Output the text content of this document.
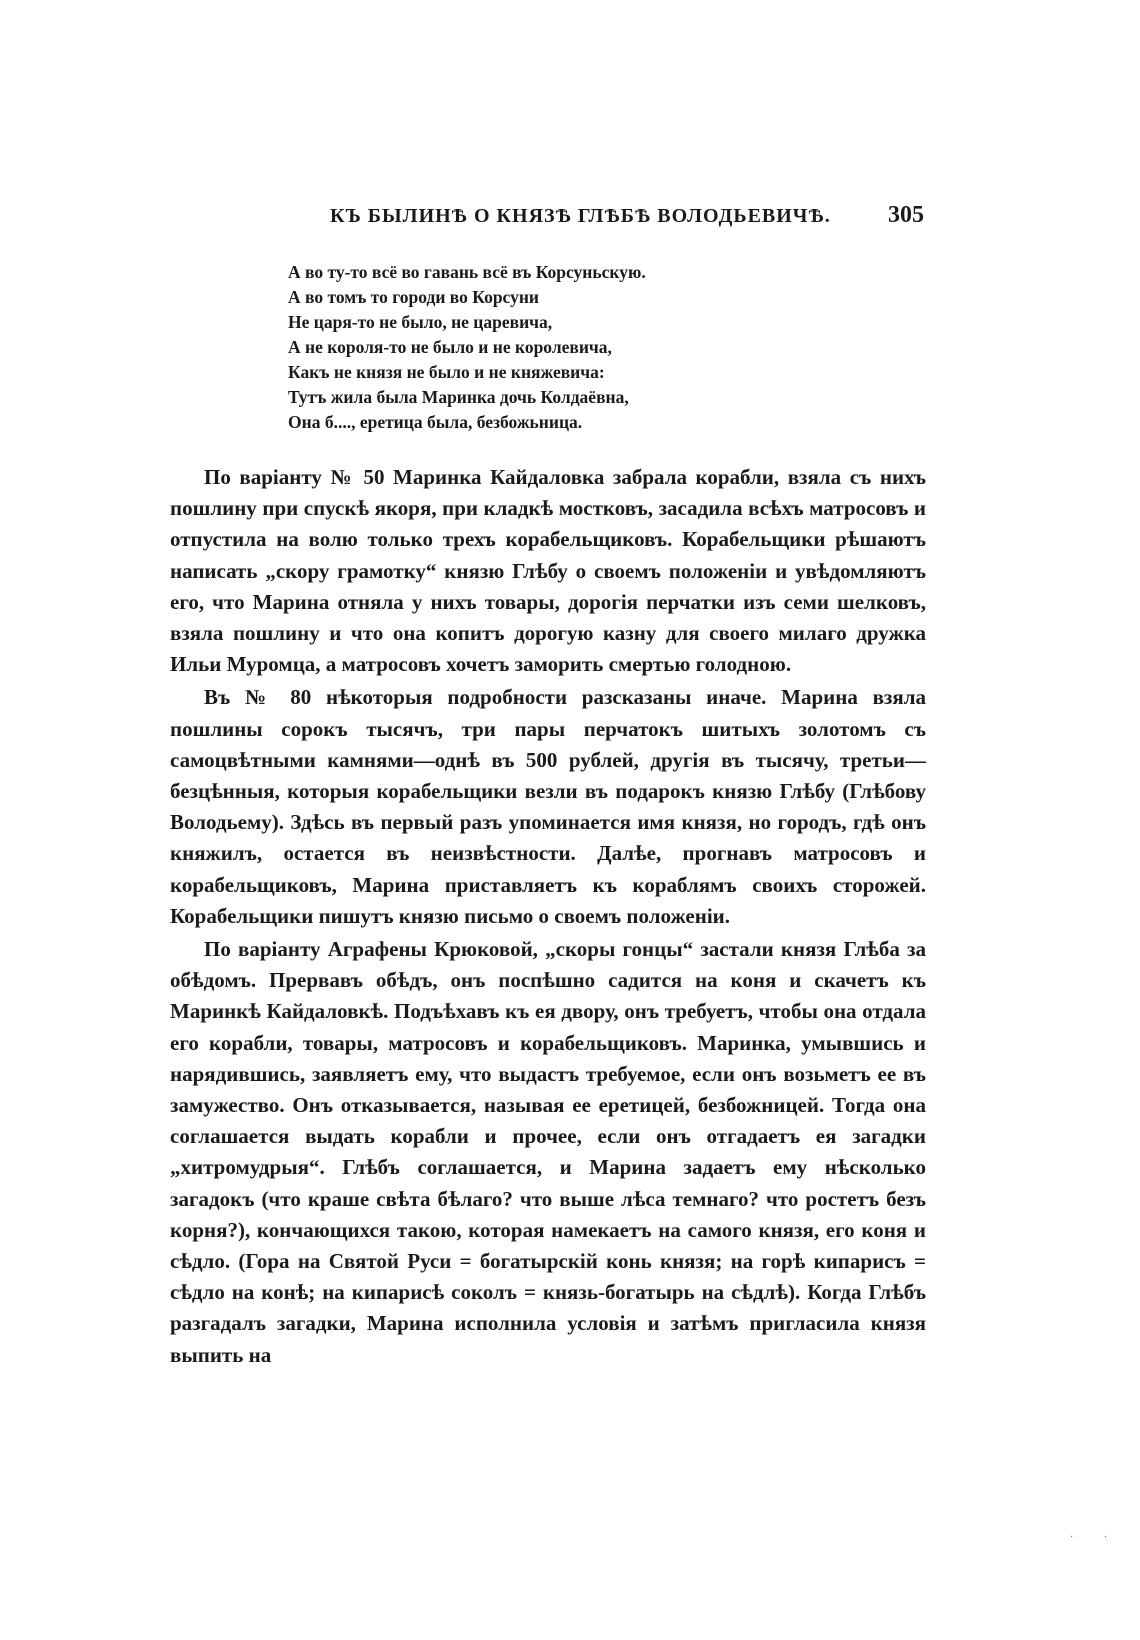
КЪ БЫЛИНѢ О КНЯЗѢ ГЛѢБѢ ВОЛОДЬЕВИЧѢ. 305
А во ту-то всё во гавань всё въ Корсуньскую.
А во томъ то городи во Корсуни
Не царя-то не было, не царевича,
А не короля-то не было и не королевича,
Какъ не князя не было и не княжевича:
Тутъ жила была Маринка дочь Колдаёвна,
Она б...., еретица была, безбожьница.

По варіанту № 50 Маринка Кайдаловка забрала корабли, взяла съ нихъ пошлину при спускѣ якоря, при кладкѣ мостковъ, засадила всѣхъ матросовъ и отпустила на волю только трехъ корабельщиковъ. Корабельщики рѣшаютъ написать „скору грамотку“ князю Глѣбу о своемъ положеніи и увѣдомляютъ его, что Марина отняла у нихъ товары, дорогія перчатки изъ семи шелковъ, взяла пошлину и что она копитъ дорогую казну для своего милаго дружка Ильи Муромца, а матросовъ хочетъ заморить смертью голодною.

Въ № 80 нѣкоторыя подробности разсказаны иначе. Марина взяла пошлины сорокъ тысячъ, три пары перчатокъ шитыхъ золотомъ съ самоцвѣтными камнями—однѣ въ 500 рублей, другія въ тысячу, третьи—безцѣнныя, которыя корабельщики везли въ подарокъ князю Глѣбу (Глѣбову Володьему). Здѣсь въ первый разъ упоминается имя князя, но городъ, гдѣ онъ княжилъ, остается въ неизвѣстности. Далѣе, прогнавъ матросовъ и корабельщиковъ, Марина приставляетъ къ кораблямъ своихъ сторожей. Корабельщики пишутъ князю письмо о своемъ положеніи.

По варіанту Аграфены Крюковой, „скоры гонцы“ застали князя Глѣба за обѣдомъ. Прервавъ обѣдъ, онъ поспѣшно садится на коня и скачетъ къ Маринкѣ Кайдаловкѣ. Подъѣхавъ къ ея двору, онъ требуетъ, чтобы она отдала его корабли, товары, матросовъ и корабельщиковъ. Маринка, умывшись и нарядившись, заявляетъ ему, что выдастъ требуемое, если онъ возьметъ ее въ замужество. Онъ отказывается, называя ее еретицей, безбожницей. Тогда она соглашается выдать корабли и прочее, если онъ отгадаетъ ея загадки „хитромудрыя“. Глѣбъ соглашается, и Марина задаетъ ему нѣсколько загадокъ (что краше свѣта бѣлаго? что выше лѣса темнаго? что ростетъ безъ корня?), кончающихся такою, которая намекаетъ на самого князя, его коня и сѣдло. (Гора на Святой Руси = богатырскій конь князя; на горѣ кипарисъ = сѣдло на конѣ; на кипарисѣ соколъ = князь-богатырь на сѣдлѣ). Когда Глѣбъ разгадалъ загадки, Марина исполнила условія и затѣмъ пригласила князя выпить на

· ·
